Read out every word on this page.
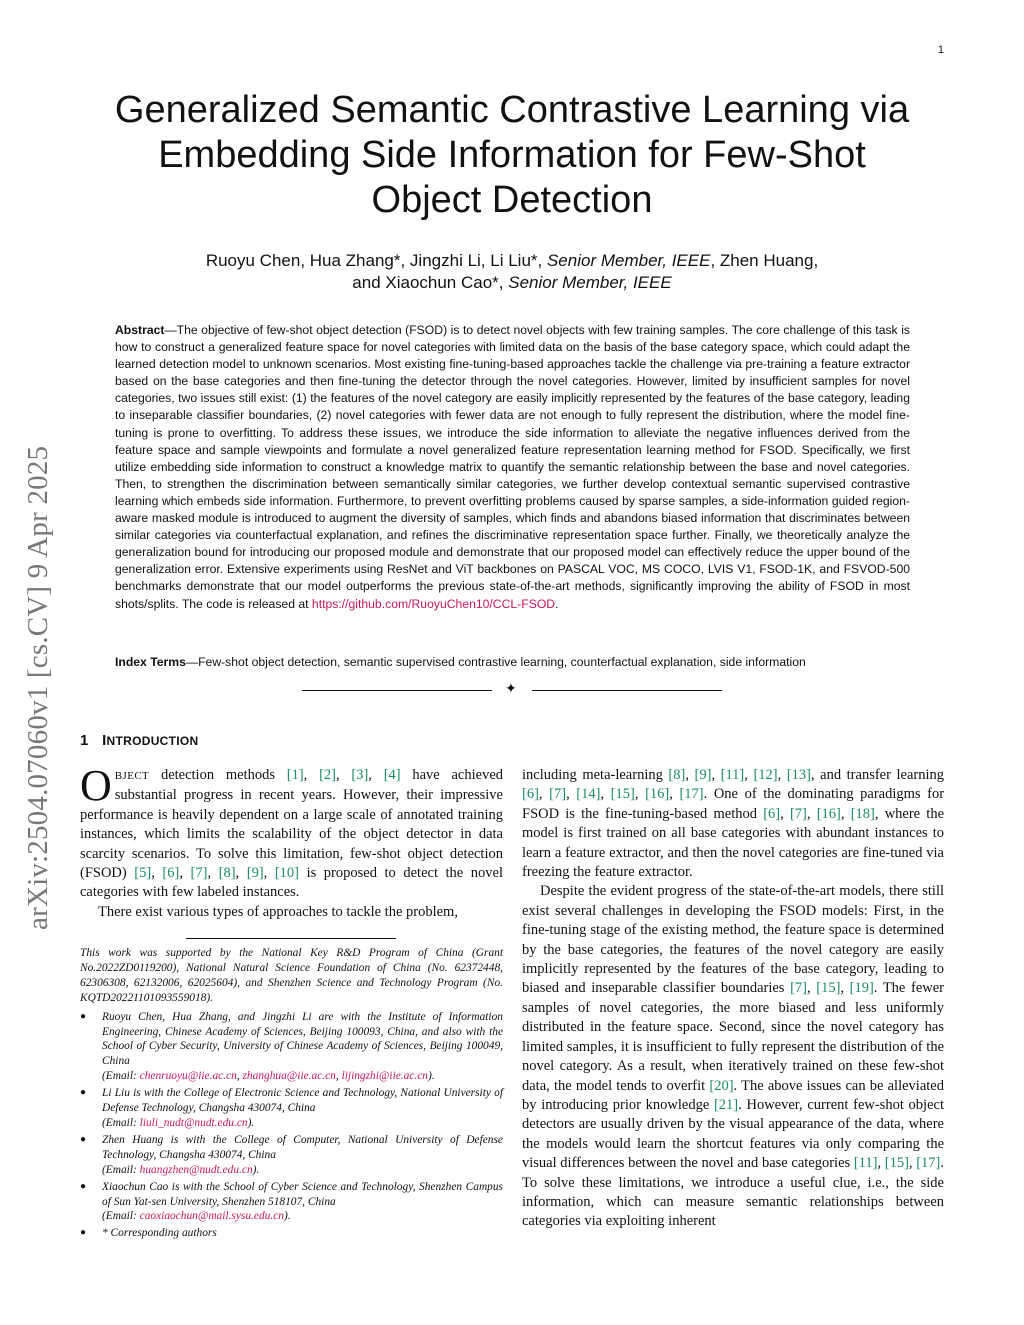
1
Generalized Semantic Contrastive Learning via
Embedding Side Information for Few-Shot
Object Detection
Ruoyu Chen, Hua Zhang*, Jingzhi Li, Li Liu*, Senior Member, IEEE, Zhen Huang,
and Xiaochun Cao*, Senior Member, IEEE
Abstract—The objective of few-shot object detection (FSOD) is to detect novel objects with few training samples. The core challenge of this task is how to construct a generalized feature space for novel categories with limited data on the basis of the base category space, which could adapt the learned detection model to unknown scenarios. Most existing fine-tuning-based approaches tackle the challenge via pre-training a feature extractor based on the base categories and then fine-tuning the detector through the novel categories. However, limited by insufficient samples for novel categories, two issues still exist: (1) the features of the novel category are easily implicitly represented by the features of the base category, leading to inseparable classifier boundaries, (2) novel categories with fewer data are not enough to fully represent the distribution, where the model fine-tuning is prone to overfitting. To address these issues, we introduce the side information to alleviate the negative influences derived from the feature space and sample viewpoints and formulate a novel generalized feature representation learning method for FSOD. Specifically, we first utilize embedding side information to construct a knowledge matrix to quantify the semantic relationship between the base and novel categories. Then, to strengthen the discrimination between semantically similar categories, we further develop contextual semantic supervised contrastive learning which embeds side information. Furthermore, to prevent overfitting problems caused by sparse samples, a side-information guided region-aware masked module is introduced to augment the diversity of samples, which finds and abandons biased information that discriminates between similar categories via counterfactual explanation, and refines the discriminative representation space further. Finally, we theoretically analyze the generalization bound for introducing our proposed module and demonstrate that our proposed model can effectively reduce the upper bound of the generalization error. Extensive experiments using ResNet and ViT backbones on PASCAL VOC, MS COCO, LVIS V1, FSOD-1K, and FSVOD-500 benchmarks demonstrate that our model outperforms the previous state-of-the-art methods, significantly improving the ability of FSOD in most shots/splits. The code is released at https://github.com/RuoyuChen10/CCL-FSOD.
Index Terms—Few-shot object detection, semantic supervised contrastive learning, counterfactual explanation, side information
✦
arXiv:2504.07060v1 [cs.CV] 9 Apr 2025 1 INTRODUCTION

OBJECT detection methods [1], [2], [3], [4] have achieved substantial progress in recent years. However, their impressive performance is heavily dependent on a large scale of annotated training instances, which limits the scalability of the object detector in data scarcity scenarios. To solve this limitation, few-shot object detection (FSOD) [5], [6], [7], [8], [9], [10] is proposed to detect the novel categories with few labeled instances.

There exist various types of approaches to tackle the problem,

This work was supported by the National Key R&D Program of China (Grant No.2022ZD0119200), National Natural Science Foundation of China (No. 62372448, 62306308, 62132006, 62025604), and Shenzhen Science and Technology Program (No. KQTD20221101093559018).

● Ruoyu Chen, Hua Zhang, and Jingzhi Li are with the Institute of Information Engineering, Chinese Academy of Sciences, Beijing 100093, China, and also with the School of Cyber Security, University of Chinese Academy of Sciences, Beijing 100049, China
(Email: chenruoyu@iie.ac.cn, zhanghua@iie.ac.cn, lijingzhi@iie.ac.cn).
● Li Liu is with the College of Electronic Science and Technology, National University of Defense Technology, Changsha 430074, China
(Email: liuli_nudt@nudt.edu.cn).
● Zhen Huang is with the College of Computer, National University of Defense Technology, Changsha 430074, China
(Email: huangzhen@nudt.edu.cn).
● Xiaochun Cao is with the School of Cyber Science and Technology, Shenzhen Campus of Sun Yat-sen University, Shenzhen 518107, China
(Email: caoxiaochun@mail.sysu.edu.cn).
● * Corresponding authors

including meta-learning [8], [9], [11], [12], [13], and transfer learning [6], [7], [14], [15], [16], [17]. One of the dominating paradigms for FSOD is the fine-tuning-based method [6], [7], [16], [18], where the model is first trained on all base categories with abundant instances to learn a feature extractor, and then the novel categories are fine-tuned via freezing the feature extractor.

Despite the evident progress of the state-of-the-art models, there still exist several challenges in developing the FSOD models: First, in the fine-tuning stage of the existing method, the feature space is determined by the base categories, the features of the novel category are easily implicitly represented by the features of the base category, leading to biased and inseparable classifier boundaries [7], [15], [19]. The fewer samples of novel categories, the more biased and less uniformly distributed in the feature space. Second, since the novel category has limited samples, it is insufficient to fully represent the distribution of the novel category. As a result, when iteratively trained on these few-shot data, the model tends to overfit [20]. The above issues can be alleviated by introducing prior knowledge [21]. However, current few-shot object detectors are usually driven by the visual appearance of the data, where the models would learn the shortcut features via only comparing the visual differences between the novel and base categories [11], [15], [17]. To solve these limitations, we introduce a useful clue, i.e., the side information, which can measure semantic relationships between categories via exploiting inherent
